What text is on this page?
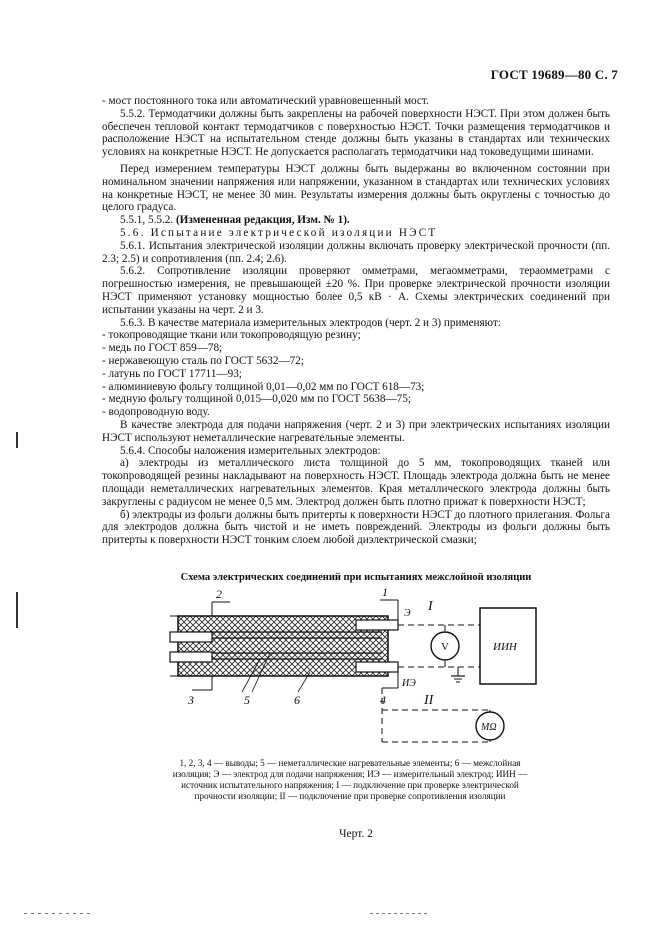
ГОСТ 19689—80 С. 7

- мост постоянного тока или автоматический уравновешенный мост.

5.5.2. Термодатчики должны быть закреплены на рабочей поверхности НЭСТ. При этом должен быть обеспечен тепловой контакт термодатчиков с поверхностью НЭСТ. Точки размещения термодатчиков и расположение НЭСТ на испытательном стенде должны быть указаны в стандартах или технических условиях на конкретные НЭСТ. Не допускается располагать термодатчики над токоведущими шинами.

Перед измерением температуры НЭСТ должны быть выдержаны во включенном состоянии при номинальном значении напряжения или напряжении, указанном в стандартах или технических условиях на конкретные НЭСТ, не менее 30 мин. Результаты измерения должны быть округлены с точностью до целого градуса.

5.5.1, 5.5.2. (Измененная редакция, Изм. № 1).

5.6. Испытание электрической изоляции НЭСТ

5.6.1. Испытания электрической изоляции должны включать проверку электрической прочности (пп. 2.3; 2.5) и сопротивления (пп. 2.4; 2.6).

5.6.2. Сопротивление изоляции проверяют омметрами, мегаомметрами, тераомметрами с погрешностью измерения, не превышающей ±20 %. При проверке электрической прочности изоляции НЭСТ применяют установку мощностью более 0,5 кВ · А. Схемы электрических соединений при испытании указаны на черт. 2 и 3.

5.6.3. В качестве материала измерительных электродов (черт. 2 и 3) применяют:

- токопроводящие ткани или токопроводящую резину;

- медь по ГОСТ 859—78;

- нержавеющую сталь по ГОСТ 5632—72;

- латунь по ГОСТ 17711—93;

- алюминиевую фольгу толщиной 0,01—0,02 мм по ГОСТ 618—73;

- медную фольгу толщиной 0,015—0,020 мм по ГОСТ 5638—75;

- водопроводную воду.

В качестве электрода для подачи напряжения (черт. 2 и 3) при электрических испытаниях изоляции НЭСТ используют неметаллические нагревательные элементы.

5.6.4. Способы наложения измерительных электродов:

а) электроды из металлического листа толщиной до 5 мм, токопроводящих тканей или токопроводящей резины накладывают на поверхность НЭСТ. Площадь электрода должна быть не менее площади неметаллических нагревательных элементов. Края металлического электрода должны быть закруглены с радиусом не менее 0,5 мм. Электрод должен быть плотно прижат к поверхности НЭСТ;

б) электроды из фольги должны быть притерты к поверхности НЭСТ до плотного прилегания. Фольга для электродов должна быть чистой и не иметь повреждений. Электроды из фольги должны быть притерты к поверхности НЭСТ тонким слоем любой диэлектрической смазки;

Схема электрических соединений при испытаниях межслойной изоляции
2	1
3	5	6	4
Э
ИЭ
I
II
V	ИИН
МΩ
1, 2, 3, 4 — выводы; 5 — неметаллические нагревательные элементы; 6 — межслойная изоляция; Э — электрод для подачи напряжения; ИЭ — измерительный электрод; ИИН — источник испытательного напряжения; I — подключение при проверке электрической прочности изоляции; II — подключение при проверке сопротивления изоляции
Черт. 2
